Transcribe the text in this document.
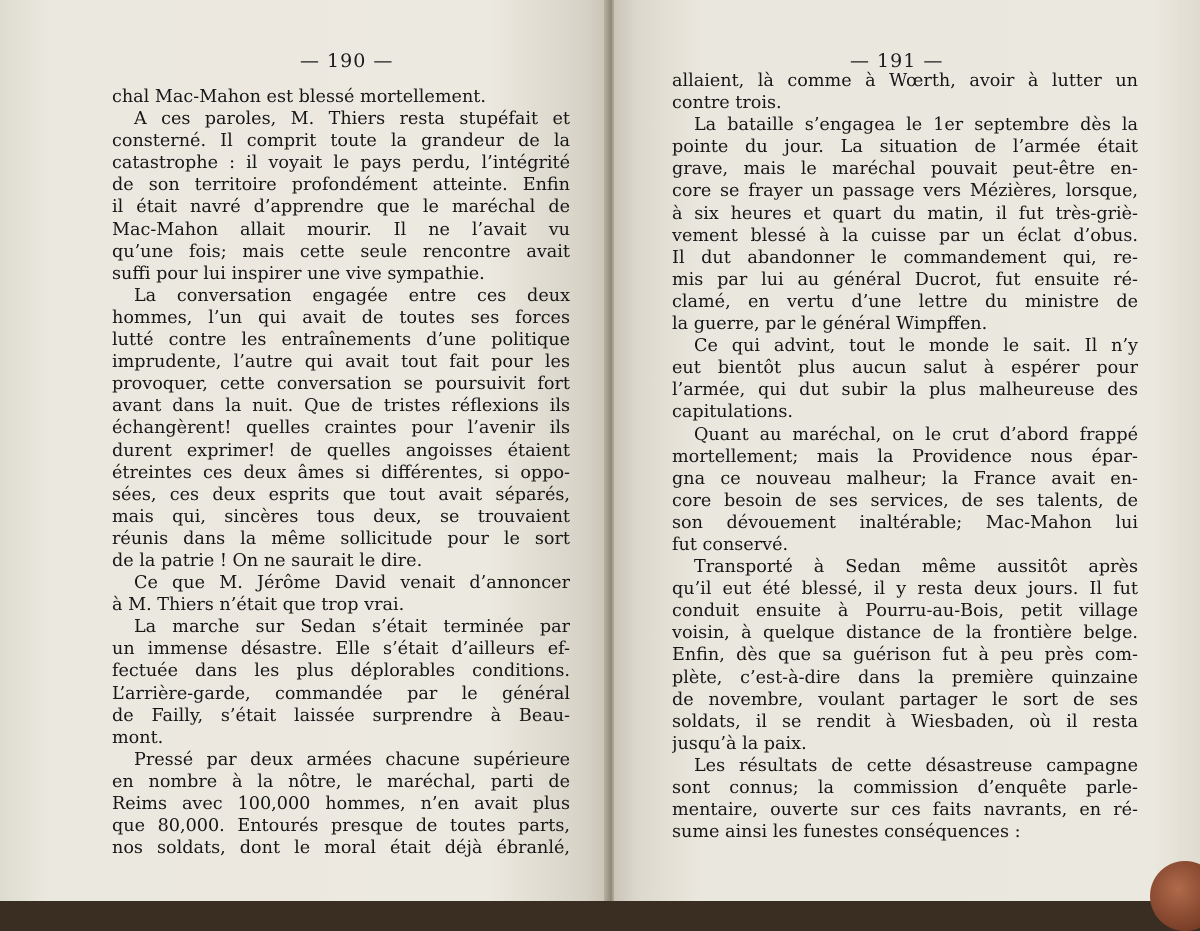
— 190 —
chal Mac-Mahon est blessé mortellement.
A ces paroles, M. Thiers resta stupéfait et
consterné. Il comprit toute la grandeur de la
catastrophe : il voyait le pays perdu, l’intégrité
de son territoire profondément atteinte. Enfin
il était navré d’apprendre que le maréchal de
Mac-Mahon allait mourir. Il ne l’avait vu
qu’une fois; mais cette seule rencontre avait
suffi pour lui inspirer une vive sympathie.
La conversation engagée entre ces deux
hommes, l’un qui avait de toutes ses forces
lutté contre les entraînements d’une politique
imprudente, l’autre qui avait tout fait pour les
provoquer, cette conversation se poursuivit fort
avant dans la nuit. Que de tristes réflexions ils
échangèrent! quelles craintes pour l’avenir ils
durent exprimer! de quelles angoisses étaient
étreintes ces deux âmes si différentes, si oppo-
sées, ces deux esprits que tout avait séparés,
mais qui, sincères tous deux, se trouvaient
réunis dans la même sollicitude pour le sort
de la patrie ! On ne saurait le dire.
Ce que M. Jérôme David venait d’annoncer
à M. Thiers n’était que trop vrai.
La marche sur Sedan s’était terminée par
un immense désastre. Elle s’était d’ailleurs ef-
fectuée dans les plus déplorables conditions.
L’arrière-garde, commandée par le général
de Failly, s’était laissée surprendre à Beau-
mont.
Pressé par deux armées chacune supérieure
en nombre à la nôtre, le maréchal, parti de
Reims avec 100,000 hommes, n’en avait plus
que 80,000. Entourés presque de toutes parts,
nos soldats, dont le moral était déjà ébranlé,
— 191 —
allaient, là comme à Wœrth, avoir à lutter un
contre trois.
La bataille s’engagea le 1er septembre dès la
pointe du jour. La situation de l’armée était
grave, mais le maréchal pouvait peut-être en-
core se frayer un passage vers Mézières, lorsque,
à six heures et quart du matin, il fut très-griè-
vement blessé à la cuisse par un éclat d’obus.
Il dut abandonner le commandement qui, re-
mis par lui au général Ducrot, fut ensuite ré-
clamé, en vertu d’une lettre du ministre de
la guerre, par le général Wimpffen.
Ce qui advint, tout le monde le sait. Il n’y
eut bientôt plus aucun salut à espérer pour
l’armée, qui dut subir la plus malheureuse des
capitulations.
Quant au maréchal, on le crut d’abord frappé
mortellement; mais la Providence nous épar-
gna ce nouveau malheur; la France avait en-
core besoin de ses services, de ses talents, de
son dévouement inaltérable; Mac-Mahon lui
fut conservé.
Transporté à Sedan même aussitôt après
qu’il eut été blessé, il y resta deux jours. Il fut
conduit ensuite à Pourru-au-Bois, petit village
voisin, à quelque distance de la frontière belge.
Enfin, dès que sa guérison fut à peu près com-
plète, c’est-à-dire dans la première quinzaine
de novembre, voulant partager le sort de ses
soldats, il se rendit à Wiesbaden, où il resta
jusqu’à la paix.
Les résultats de cette désastreuse campagne
sont connus; la commission d’enquête parle-
mentaire, ouverte sur ces faits navrants, en ré-
sume ainsi les funestes conséquences :
